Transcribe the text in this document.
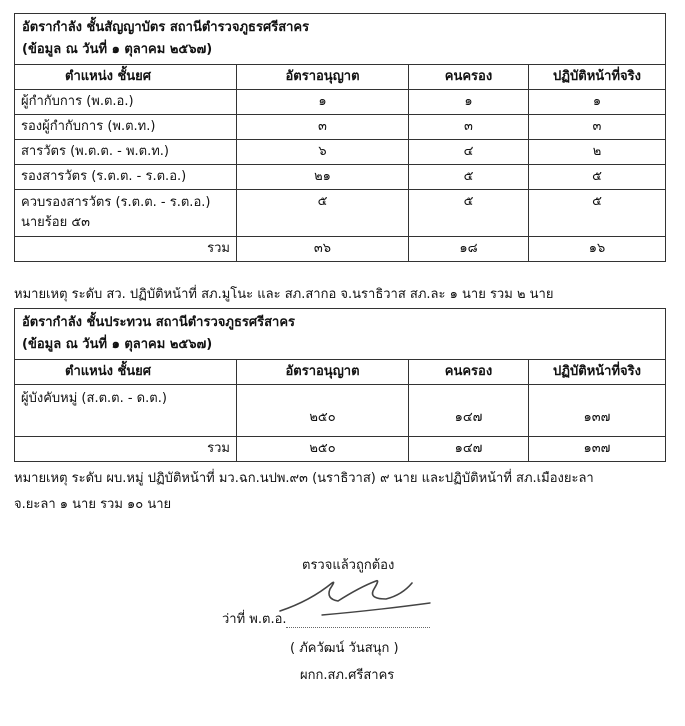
อัตรากำลัง ชั้นสัญญาบัตร สถานีตำรวจภูธรศรีสาคร
(ข้อมูล ณ วันที่ ๑ ตุลาคม ๒๕๖๗)			

ตำแหน่ง ชั้นยศ	อัตราอนุญาต	คนครอง	ปฏิบัติหน้าที่จริง
ผู้กำกับการ (พ.ต.อ.)	๑	๑	๑
รองผู้กำกับการ (พ.ต.ท.)	๓	๓	๓
สารวัตร (พ.ต.ต. - พ.ต.ท.)	๖	๔	๒
รองสารวัตร (ร.ต.ต. - ร.ต.อ.)	๒๑	๕	๕

ควบรองสารวัตร (ร.ต.ต. - ร.ต.อ.)
นายร้อย ๕๓	๕	๕	๕
รวม	๓๖	๑๘	๑๖
หมายเหตุ ระดับ สว. ปฏิบัติหน้าที่ สภ.มูโนะ และ สภ.สากอ จ.นราธิวาส สภ.ละ ๑ นาย รวม ๒ นาย
อัตรากำลัง ชั้นประทวน สถานีตำรวจภูธรศรีสาคร
(ข้อมูล ณ วันที่ ๑ ตุลาคม ๒๕๖๗)			

ตำแหน่ง ชั้นยศ	อัตราอนุญาต	คนครอง	ปฏิบัติหน้าที่จริง
ผู้บังคับหมู่ (ส.ต.ต. - ด.ต.)	๒๕๐	๑๔๗	๑๓๗
รวม	๒๕๐	๑๔๗	๑๓๗
หมายเหตุ ระดับ ผบ.หมู่ ปฏิบัติหน้าที่ มว.ฉก.นปพ.๙๓ (นราธิวาส) ๙ นาย และปฏิบัติหน้าที่ สภ.เมืองยะลา
จ.ยะลา ๑ นาย รวม ๑๐ นาย
ตรวจแล้วถูกต้อง
ว่าที่ พ.ต.อ.
( ภัควัฒน์ วันสนุก )
ผกก.สภ.ศรีสาคร
